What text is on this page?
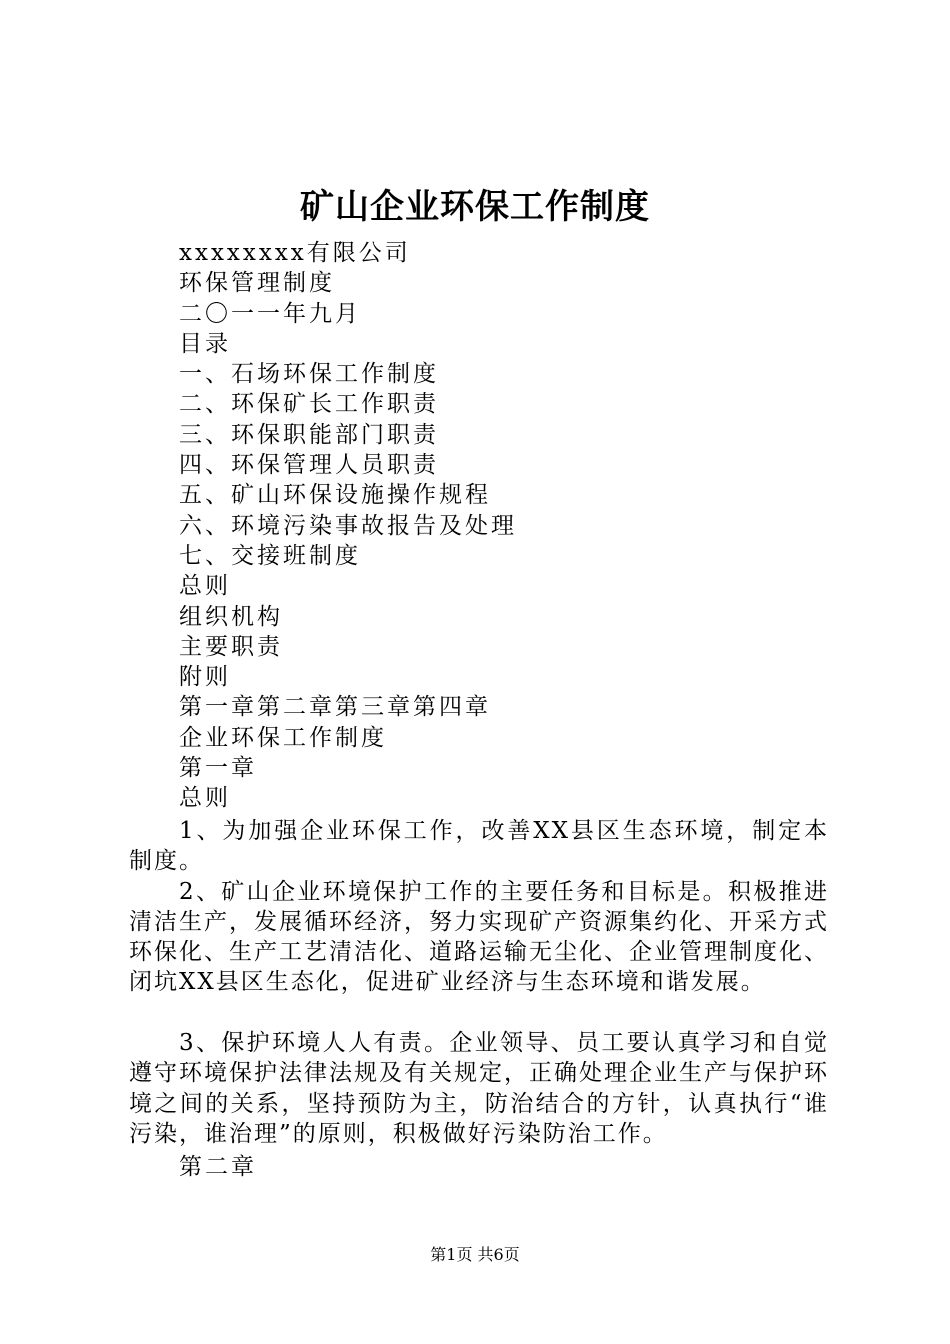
矿山企业环保工作制度
xxxxxxxx有限公司
环保管理制度
二〇一一年九月
目录
一、石场环保工作制度
二、环保矿长工作职责
三、环保职能部门职责
四、环保管理人员职责
五、矿山环保设施操作规程
六、环境污染事故报告及处理
七、交接班制度
总则
组织机构
主要职责
附则
第一章第二章第三章第四章
企业环保工作制度
第一章
总则

1、为加强企业环保工作，改善XX县区生态环境，制定本制度。

2、矿山企业环境保护工作的主要任务和目标是。积极推进清洁生产，发展循环经济，努力实现矿产资源集约化、开采方式环保化、生产工艺清洁化、道路运输无尘化、企业管理制度化、闭坑XX县区生态化，促进矿业经济与生态环境和谐发展。

3、保护环境人人有责。企业领导、员工要认真学习和自觉遵守环境保护法律法规及有关规定，正确处理企业生产与保护环境之间的关系，坚持预防为主，防治结合的方针，认真执行“谁污染，谁治理”的原则，积极做好污染防治工作。

第二章
第1页 共6页
